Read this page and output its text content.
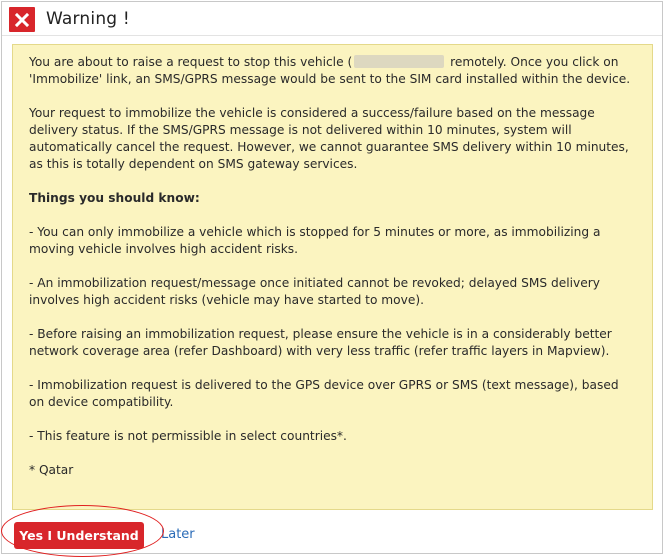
Warning !

You are about to raise a request to stop this vehicle (	remotely. Once you click on 'Immobilize' link, an SMS/GPRS message would be sent to the SIM card installed within the device.

Your request to immobilize the vehicle is considered a success/failure based on the message delivery status. If the SMS/GPRS message is not delivered within 10 minutes, system will automatically cancel the request. However, we cannot guarantee SMS delivery within 10 minutes, as this is totally dependent on SMS gateway services.

Things you should know:

- You can only immobilize a vehicle which is stopped for 5 minutes or more, as immobilizing a moving vehicle involves high accident risks.

- An immobilization request/message once initiated cannot be revoked; delayed SMS delivery involves high accident risks (vehicle may have started to move).

- Before raising an immobilization request, please ensure the vehicle is in a considerably better network coverage area (refer Dashboard) with very less traffic (refer traffic layers in Mapview).

- Immobilization request is delivered to the GPS device over GPRS or SMS (text message), based on device compatibility.

- This feature is not permissible in select countries*.

* Qatar

Yes I Understand	Later
